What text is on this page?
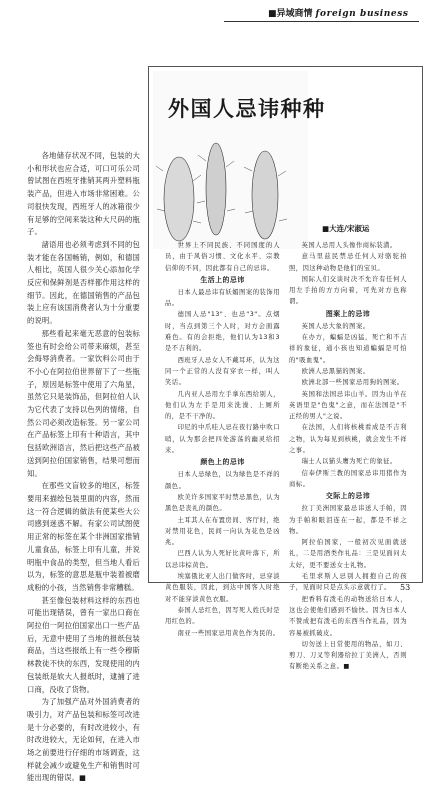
■异域商情 foreign business

各地储存状况不同，包装的大小和形状也应合适，可口可乐公司曾试图在西班牙推销其两升塑料瓶装产品，但进入市场非常困难。公司很快发现，西班牙人的冰箱很少有足够的空间来装这种大尺码的瓶子。

諸语用也必须考虑到不同的包装才能在各国畅销，例如，和德国人相比，英国人很少关心添加化学反应和保鲜剂是否样都作用这样的细节。因此，在德国销售的产品包装上应有该国消费者认为十分重要的说明。

那些看起来毫无恶意的包装标签也有时会给公司带来麻烦，甚至会侮辱消费者。一家饮料公司由于不小心在阿拉伯世界留下了一些瓶子，原因是标签中使用了六角星，虽然它只是装饰品，但阿拉伯人认为它代表了支持以色列的情绪，自然公司必须改造标签。另一家公司在产品标签上印有十种语言，其中包括欧洲语言，然后把这些产品被送到阿拉伯国家销售，结果可想而知。

在那些文盲较多的地区，标签要用来描绘包装里面的内容，然而这一符合逻辑的做法有使某些大公司感到迷惑不解。有家公司试图使用正常的标签在某个非洲国家推销儿童食品，标签上印有儿童，并说明瓶中食品的类型，但当地人看后以为，标签的意思是瓶中装着被磨成粉的小孩，当然销售非常糟糕。

甚至像包装材料这样的东西也可能出现错误，曾有一家出口商在阿拉伯一阿拉伯国家出口一些产品后，无意中使用了当地的报纸包装商品，当这些报纸上有一些令穆斯林教徒不快的东西，发现使用的内包装纸是软大人报纸时，逮捕了进口商，没收了货物。

为了加强产品对外国消费者的吸引力，对产品包装和标签可改进是十分必要的，有时改进较小，有时改进较大，无论如何，在进入市场之前要进行仔细的市场调查，这样就会减少或避免生产和销售时可能出现的错误。■

外国人忌讳种种
■大连/宋淑运

世界上不同民族、不同国度的人员，由于风俗习惯、文化水平、宗教信仰的不同，因此都有自己的忌讳。

生活上的忌讳

日本人最忌讳有妖媚图案的装饰用品。

德国人忌"13"、也忌"3"。点烟时，当点到第三个人时，对方会面露难色。有的会拒绝，他们认为13和3是不吉利的。

西班牙人忌女人不戴耳环，认为这同一个正常的人没有穿衣一样，叫人笑话。

几内亚人忌用左手拿东西给别人，他们认为左手是用来洗澡、上厕所的，是不干净的。

印尼的中爪哇人忌在夜行路中吹口哨，认为那会把四处游荡的幽灵给招来。

颜色上的忌讳

日本人忌绿色，以为绿色是不祥的颜色。

欧美许多国家平时禁忌黑色，认为黑色是丧礼的颜色。

土耳其人在布置房间、客厅时，绝对禁用花色，民间一向认为花色是凶兆。

巴西人认为人死好比黄叶落下，所以忌讳棕黄色。

埃塞俄比亚人出门做客时，忌穿淡黄色服装，因此，到达中国客人时绝对不能穿淡黄色衣服。

泰国人忌红色，因写死人姓氏时是用红色的。

南亚一些国家忌用黄色作为民的。

英国人忌用人头像作商标装潢。

意马里兹民禁忌任何人对骆驼拍照，因这种动物是他们的宝贝。

国际人们交谈时决不允许有任何人用左手拍的方方向着，可先对方也称谓。

图案上的忌讳

英国人忌大象的图案。

在办方，蝙蝠是凶猛，死亡和不吉祥的象征，通小孩也知道蝙蝠是可怕的"吸血鬼"。

欧洲人忌黑猫的图案。

欧洲北部一些国家忌用狗的图案。

英国和法国忌讳山羊。因为山羊在英语里是"色鬼"之意，而在法国是"不正经的男人"之说。

在法国，人们将核桃看成是不吉利之物，认为每见到核桃，就会发生不祥之事。

瑞士人以猫头鹰为死亡的象征。

信奉伊斯兰教的国家忌讳用猪作为商标。

交际上的忌讳

拉丁美洲国家最忌讳送人手帕，因为手帕和眼泪连在一起，都是不祥之物。

阿拉伯国家，一般初次见面就送礼，二是用酒类作礼品：三是见面问太太好，更不要送女士礼物。

毛里求斯人忌别人拥抱自己的孩子，见面时只是点头示意就行了。

把香料有泼毛的动物送给日本人，这也会使他们感到不愉快。因为日本人不赞成把有泼毛的东西当作礼品，因为容易被抓破皮。

切勿送上日常使用的物品，如刀、剪刀、刀叉等利器给拉丁美洲人，否则有断绝关系之意。■

53
